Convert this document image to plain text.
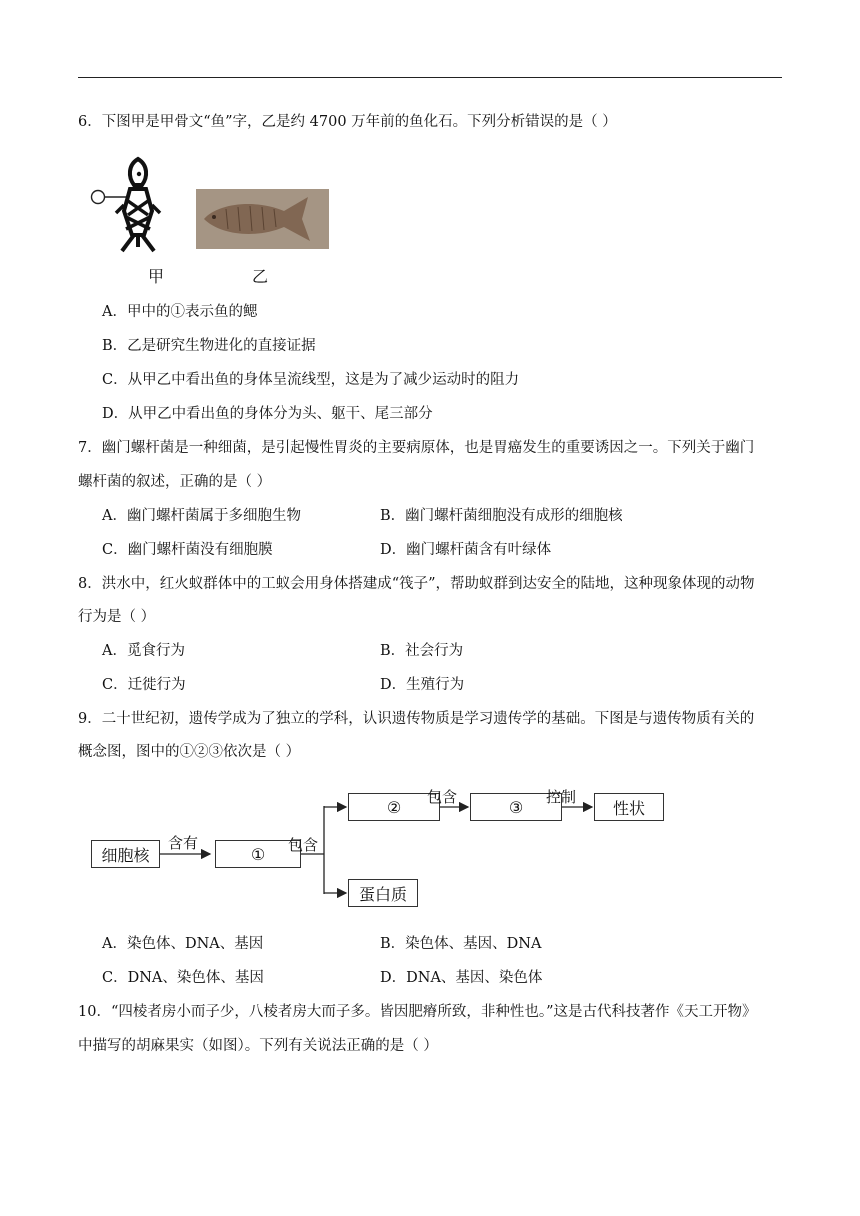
6．下图甲是甲骨文“鱼”字，乙是约 4700 万年前的鱼化石。下列分析错误的是（ ）
甲	乙
A．甲中的①表示鱼的鳃
B．乙是研究生物进化的直接证据
C．从甲乙中看出鱼的身体呈流线型，这是为了减少运动时的阻力
D．从甲乙中看出鱼的身体分为头、躯干、尾三部分
7．幽门螺杆菌是一种细菌，是引起慢性胃炎的主要病原体，也是胃癌发生的重要诱因之一。下列关于幽门
螺杆菌的叙述，正确的是（ ）
A．幽门螺杆菌属于多细胞生物	B．幽门螺杆菌细胞没有成形的细胞核
C．幽门螺杆菌没有细胞膜	D．幽门螺杆菌含有叶绿体
8．洪水中，红火蚁群体中的工蚁会用身体搭建成“筏子”，帮助蚁群到达安全的陆地，这种现象体现的动物
行为是（ ）
A．觅食行为	B．社会行为
C．迁徙行为	D．生殖行为
9．二十世纪初，遗传学成为了独立的学科，认识遗传物质是学习遗传学的基础。下图是与遗传物质有关的
概念图，图中的①②③依次是（ ）
细胞核	①
②	③	性状
蛋白质
含有	包含
包含	控制
A．染色体、DNA、基因	B．染色体、基因、DNA
C．DNA、染色体、基因	D．DNA、基因、染色体
10．“四棱者房小而子少，八棱者房大而子多。皆因肥瘠所致，非种性也。”这是古代科技著作《天工开物》
中描写的胡麻果实（如图）。下列有关说法正确的是（ ）
